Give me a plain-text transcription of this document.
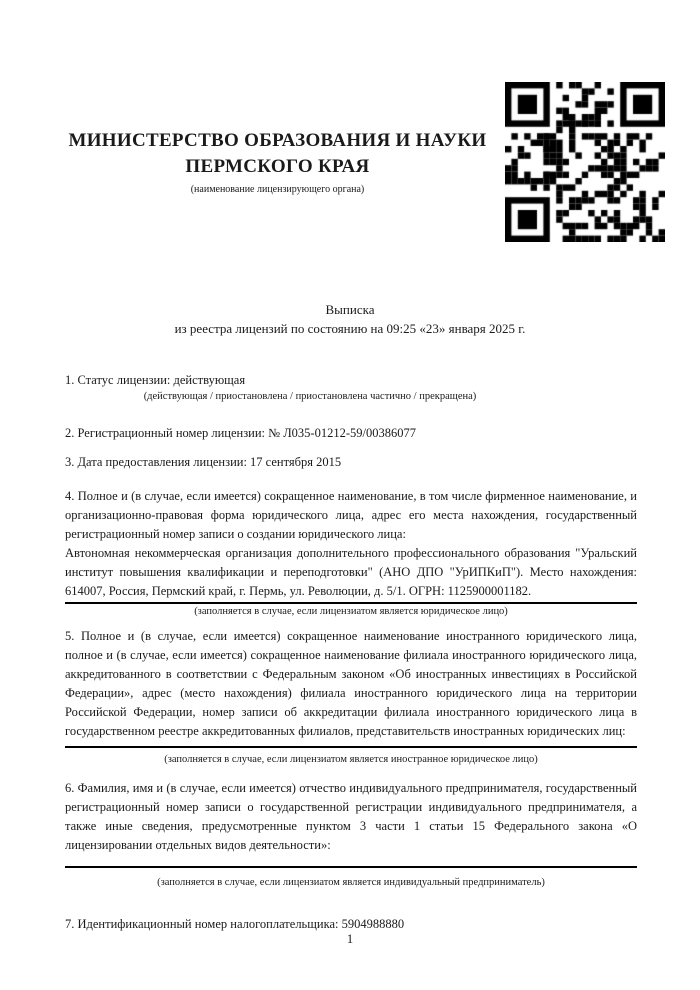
МИНИСТЕРСТВО ОБРАЗОВАНИЯ И НАУКИ
ПЕРМСКОГО КРАЯ
(наименование лицензирующего органа)
Выписка
из реестра лицензий по состоянию на 09:25 «23» января 2025 г.
1. Статус лицензии: действующая
(действующая / приостановлена / приостановлена частично / прекращена)
2. Регистрационный номер лицензии: № Л035-01212-59/00386077
3. Дата предоставления лицензии: 17 сентября 2015
4. Полное и (в случае, если имеется) сокращенное наименование, в том числе фирменное наименование, и организационно-правовая форма юридического лица, адрес его места нахождения, государственный регистрационный номер записи о создании юридического лица:
Автономная некоммерческая организация дополнительного профессионального образования "Уральский институт повышения квалификации и переподготовки" (АНО ДПО "УрИПКиП"). Место нахождения: 614007, Россия, Пермский край, г. Пермь, ул. Революции, д. 5/1. ОГРН: 1125900001182.
(заполняется в случае, если лицензиатом является юридическое лицо)
5. Полное и (в случае, если имеется) сокращенное наименование иностранного юридического лица, полное и (в случае, если имеется) сокращенное наименование филиала иностранного юридического лица, аккредитованного в соответствии с Федеральным законом «Об иностранных инвестициях в Российской Федерации», адрес (место нахождения) филиала иностранного юридического лица на территории Российской Федерации, номер записи об аккредитации филиала иностранного юридического лица в государственном реестре аккредитованных филиалов, представительств иностранных юридических лиц:
(заполняется в случае, если лицензиатом является иностранное юридическое лицо)
6. Фамилия, имя и (в случае, если имеется) отчество индивидуального предпринимателя, государственный регистрационный номер записи о государственной регистрации индивидуального предпринимателя, а также иные сведения, предусмотренные пунктом 3 части 1 статьи 15 Федерального закона «О лицензировании отдельных видов деятельности»:
(заполняется в случае, если лицензиатом является индивидуальный предприниматель)
7. Идентификационный номер налогоплательщика: 5904988880
1
